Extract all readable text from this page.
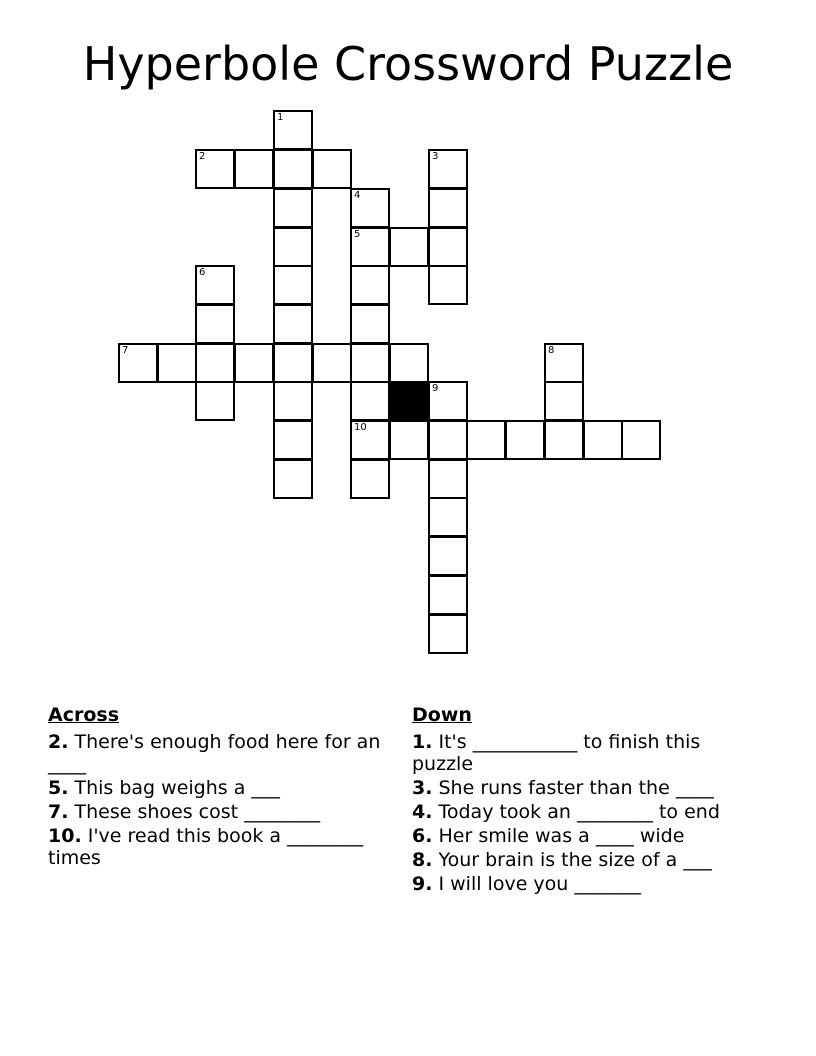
Hyperbole Crossword Puzzle
1
2	3
4
5
6
7	8
9
10
Across
2. There's enough food here for an ____
5. This bag weighs a ___
7. These shoes cost ________
10. I've read this book a ________ times
Down
1. It's ___________ to finish this puzzle
3. She runs faster than the ____
4. Today took an ________ to end
6. Her smile was a ____ wide
8. Your brain is the size of a ___
9. I will love you _______
